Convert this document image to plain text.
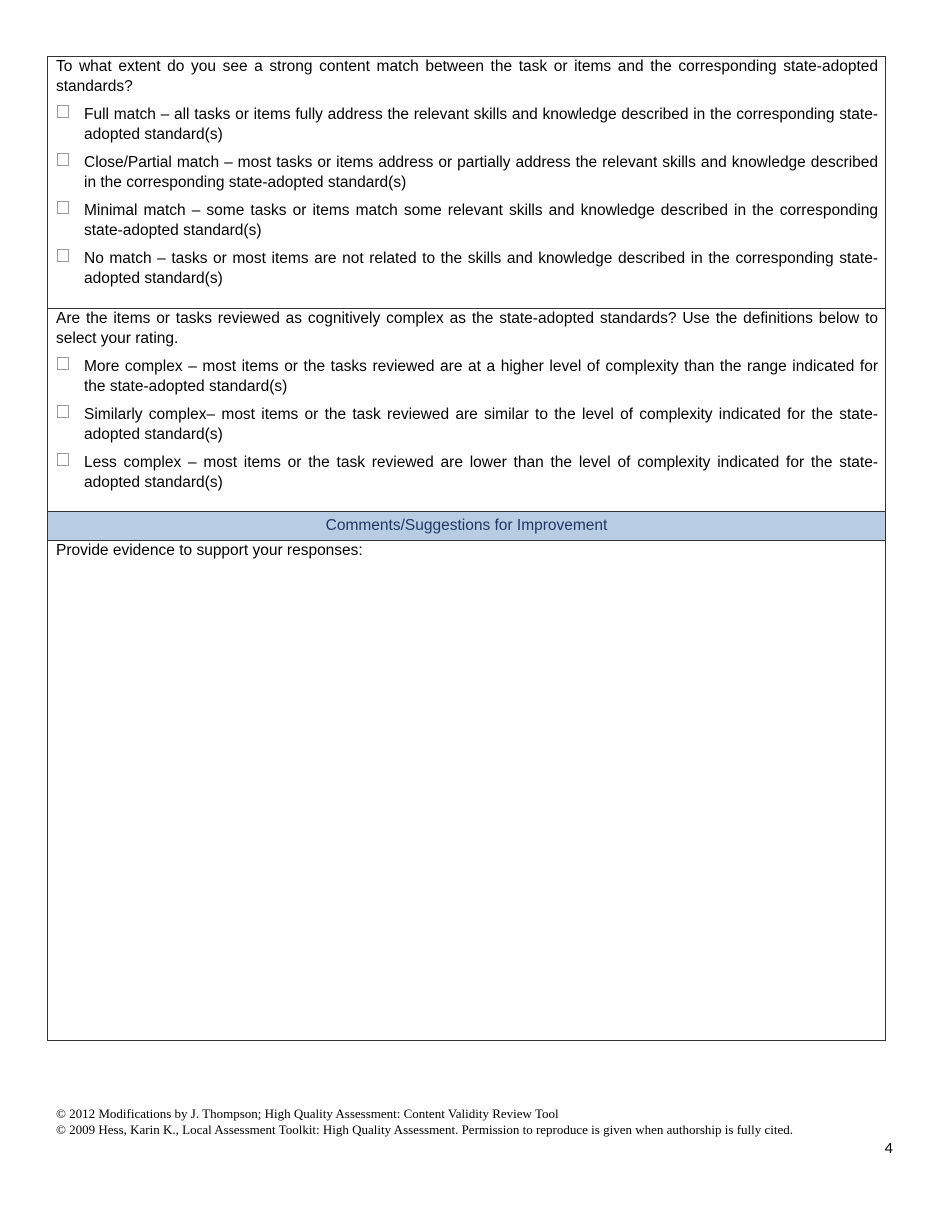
To what extent do you see a strong content match between the task or items and the corresponding state-adopted standards?

Full match – all tasks or items fully address the relevant skills and knowledge described in the corresponding state-adopted standard(s)
Close/Partial match – most tasks or items address or partially address the relevant skills and knowledge described in the corresponding state-adopted standard(s)
Minimal match – some tasks or items match some relevant skills and knowledge described in the corresponding state-adopted standard(s)
No match – tasks or most items are not related to the skills and knowledge described in the corresponding state-adopted standard(s)

Are the items or tasks reviewed as cognitively complex as the state-adopted standards? Use the definitions below to select your rating.

More complex – most items or the tasks reviewed are at a higher level of complexity than the range indicated for the state-adopted standard(s)
Similarly complex– most items or the task reviewed are similar to the level of complexity indicated for the state-adopted standard(s)
Less complex – most items or the task reviewed are lower than the level of complexity indicated for the state-adopted standard(s)
Comments/Suggestions for Improvement
Provide evidence to support your responses:
© 2012 Modifications by J. Thompson; High Quality Assessment: Content Validity Review Tool
© 2009 Hess, Karin K., Local Assessment Toolkit: High Quality Assessment. Permission to reproduce is given when authorship is fully cited.
4
